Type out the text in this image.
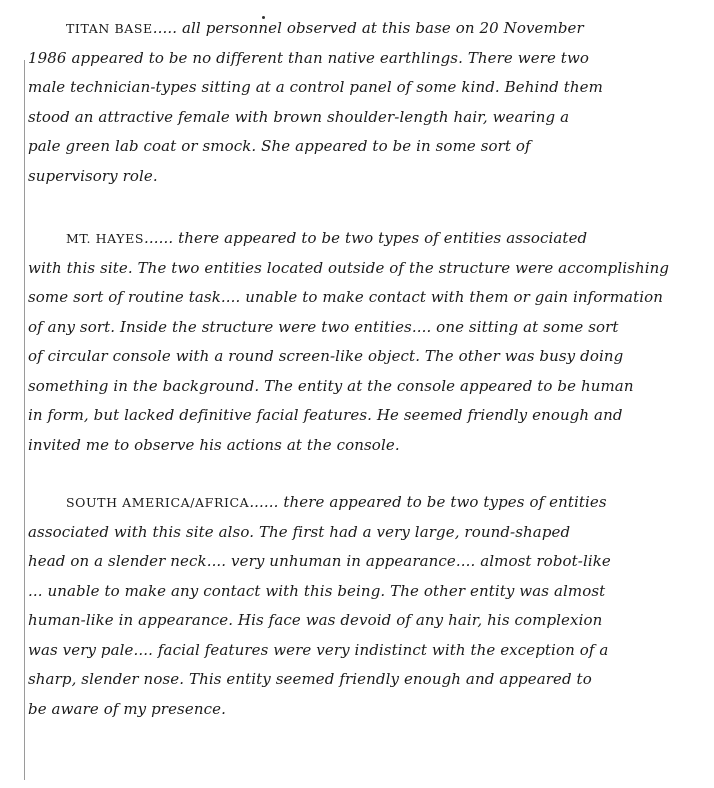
TITAN BASE..... all personnel observed at this base on 20 November
1986 appeared to be no different than native earthlings. There were two
male technician-types sitting at a control panel of some kind. Behind them
stood an attractive female with brown shoulder-length hair, wearing a
pale green lab coat or smock. She appeared to be in some sort of
supervisory role.
MT. HAYES...... there appeared to be two types of entities associated
with this site. The two entities located outside of the structure were accomplishing
some sort of routine task.... unable to make contact with them or gain information
of any sort. Inside the structure were two entities.... one sitting at some sort
of circular console with a round screen-like object. The other was busy doing
something in the background. The entity at the console appeared to be human
in form, but lacked definitive facial features. He seemed friendly enough and
invited me to observe his actions at the console.
SOUTH AMERICA/AFRICA...... there appeared to be two types of entities
associated with this site also. The first had a very large, round-shaped
head on a slender neck.... very unhuman in appearance.... almost robot-like
... unable to make any contact with this being. The other entity was almost
human-like in appearance. His face was devoid of any hair, his complexion
was very pale.... facial features were very indistinct with the exception of a
sharp, slender nose. This entity seemed friendly enough and appeared to
be aware of my presence.
